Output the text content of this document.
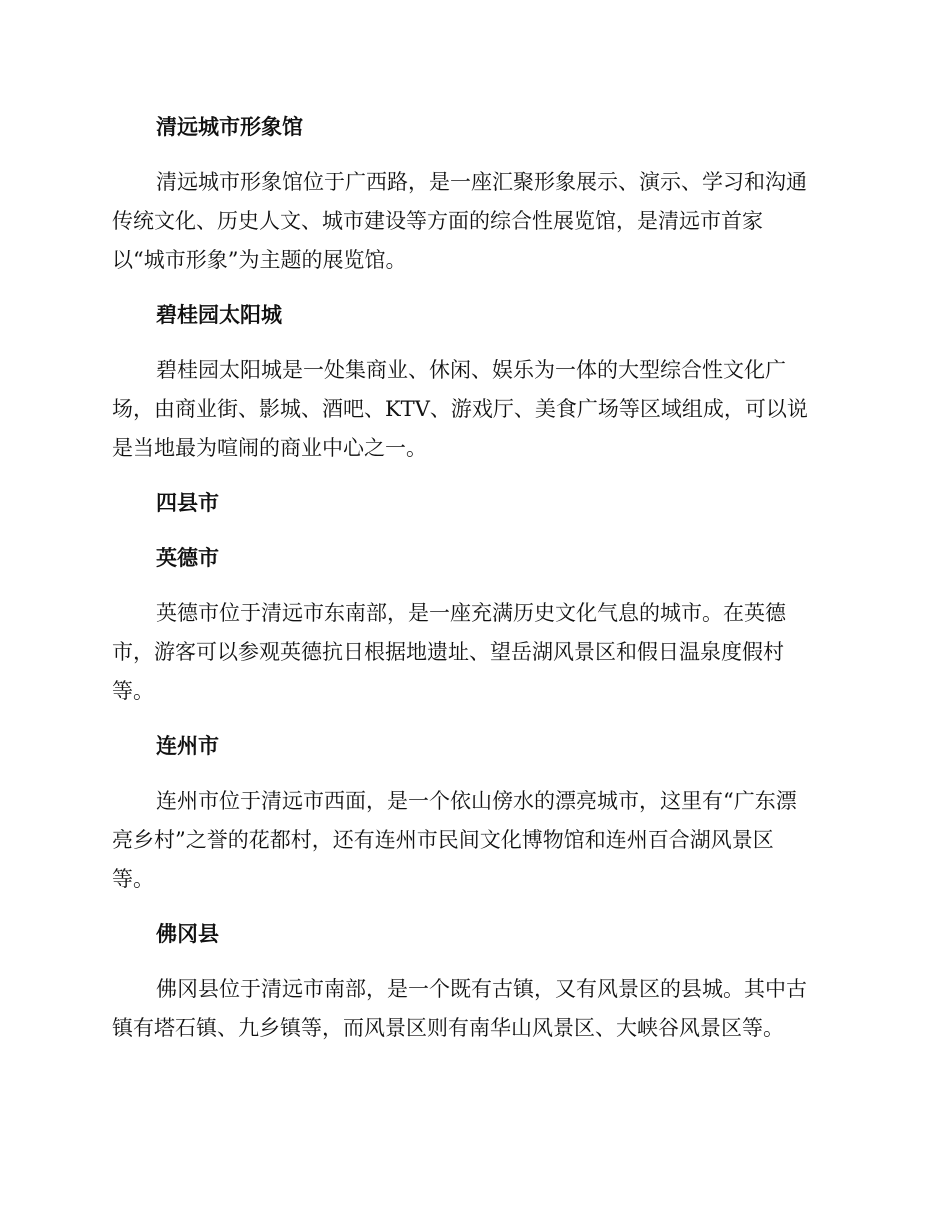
清远城市形象馆

清远城市形象馆位于广西路，是一座汇聚形象展示、演示、学习和沟通
传统文化、历史人文、城市建设等方面的综合性展览馆，是清远市首家
以“城市形象”为主题的展览馆。

碧桂园太阳城

碧桂园太阳城是一处集商业、休闲、娱乐为一体的大型综合性文化广
场，由商业街、影城、酒吧、KTV、游戏厅、美食广场等区域组成，可以说
是当地最为喧闹的商业中心之一。

四县市
英德市

英德市位于清远市东南部，是一座充满历史文化气息的城市。在英德
市，游客可以参观英德抗日根据地遗址、望岳湖风景区和假日温泉度假村
等。

连州市

连州市位于清远市西面，是一个依山傍水的漂亮城市，这里有“广东漂
亮乡村”之誉的花都村，还有连州市民间文化博物馆和连州百合湖风景区
等。

佛冈县

佛冈县位于清远市南部，是一个既有古镇，又有风景区的县城。其中古
镇有塔石镇、九乡镇等，而风景区则有南华山风景区、大峡谷风景区等。
